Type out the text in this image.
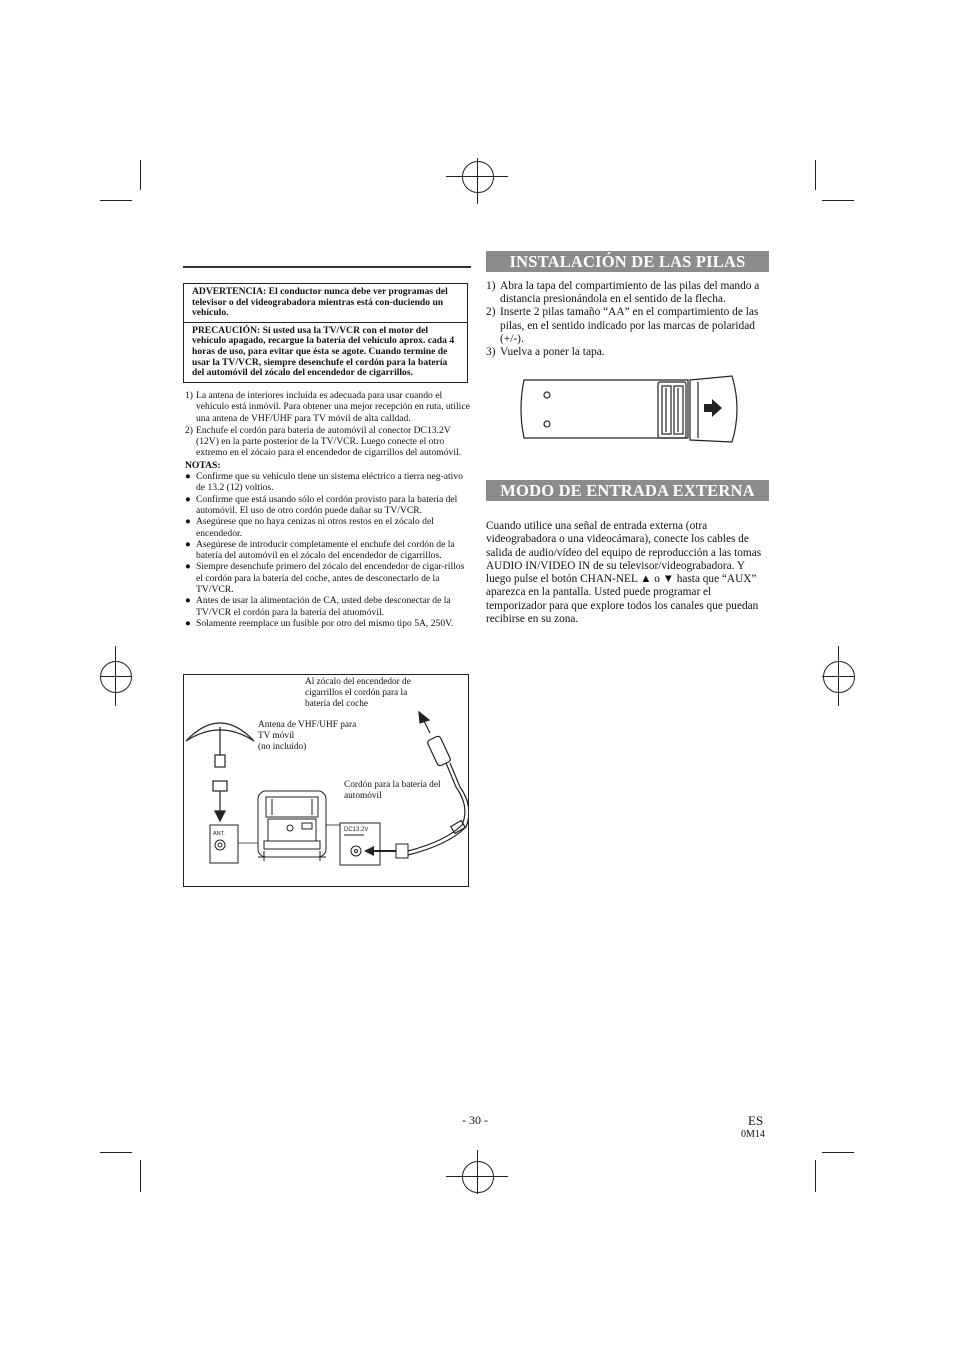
ADVERTENCIA: El conductor nunca debe ver programas del televisor o del videograbadora mientras está con-duciendo un vehículo.
PRECAUCIÓN: Si usted usa la TV/VCR con el motor del vehículo apagado, recargue la batería del vehículo aprox. cada 4 horas de uso, para evitar que ésta se agote. Cuando termine de usar la TV/VCR, siempre desenchufe el cordón para la batería del automóvil del zócalo del encendedor de cigarrillos.
1) La antena de interiores incluída es adecuada para usar cuando el vehículo está inmóvil. Para obtener una mejor recepción en ruta, utilice una antena de VHF/UHF para TV móvil de alta calldad.
2) Enchufe el cordón para batería de automóvil al conector DC13.2V (12V) en la parte posterior de la TV/VCR. Luego conecte el otro extremo en el zócaio para el encendedor de cigarrillos del automóvil.
NOTAS:
● Confirme que su vehículo tlene un sistema eléctrico a tierra neg-ativo de 13.2 (12) voltios.
● Confirme que está usando sólo el cordón provisto para la batería del automóvil. El uso de otro cordón puede dañar su TV/VCR.
● Asegúrese que no haya cenizas ni otros restos en el zócalo del encendedor.
● Asegúrese de introducir completamente el enchufe del cordón de la batería del automóvil en el zócalo del encendedor de cigarrillos.
● Siempre desenchufe primero del zócalo del encendedor de cigar-rillos el cordón para la batería del coche, antes de desconectarlo de la TV/VCR.
● Antes de usar la alimentación de CA, usted debe desconectar de la TV/VCR el cordón para la batería del atuomóvil.
● Solamente reemplace un fusible por otro del mismo tipo 5A, 250V.
Al zócalo del encendedor de cigarrillos el cordón para la batería del coche
Antena de VHF/UHF para TV móvil
(no incluído)
Cordón para la batería del automóvil
ANT.
DC13.2V
INSTALACIÓN DE LAS PILAS
1) Abra la tapa del compartimiento de las pilas del mando a distancia presionándola en el sentido de la flecha.
2) Inserte 2 pilas tamaño “AA” en el compartimiento de las pilas, en el sentido indicado por las marcas de polaridad (+/-).
3) Vuelva a poner la tapa.
MODO DE ENTRADA EXTERNA
Cuando utilice una señal de entrada externa (otra videograbadora o una videocámara), conecte los cables de salida de audio/vídeo del equipo de reproducción a las tomas AUDIO IN/VIDEO IN de su televisor/videograbadora. Y luego pulse el botón CHAN-NEL ▲ o ▼ hasta que “AUX” aparezca en la pantalla. Usted puede programar el temporizador para que explore todos los canales que puedan recibirse en su zona.
- 30 -	ES
0M14
